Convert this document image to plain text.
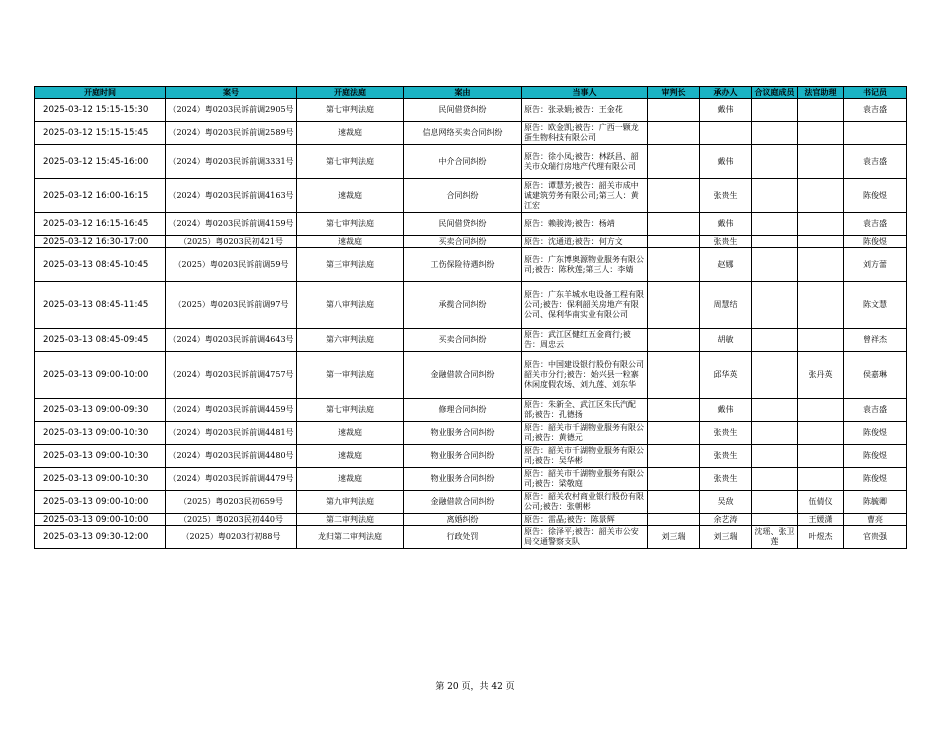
开庭时间	案号	开庭法庭	案由	当事人	审判长	承办人	合议庭成员	法官助理	书记员
2025-03-12 15:15-15:30	（2024）粤0203民诉前调2905号	第七审判法庭	民间借贷纠纷	原告：张录娟;被告：王金花		戴伟			袁吉盛
2025-03-12 15:15-15:45	（2024）粤0203民诉前调2589号	速裁庭	信息网络买卖合同纠纷	原告：欧金凯;被告：广西一颗龙蛋生物科技有限公司					
2025-03-12 15:45-16:00	（2024）粤0203民诉前调3331号	第七审判法庭	中介合同纠纷	原告：徐小凤;被告：林跃昌、韶关市众瑞行房地产代理有限公司		戴伟			袁吉盛
2025-03-12 16:00-16:15	（2024）粤0203民诉前调4163号	速裁庭	合同纠纷	原告：谭慧芳;被告：韶关市成中诚建筑劳务有限公司;第三人：黄江宏		张贵生			陈俊煜
2025-03-12 16:15-16:45	（2024）粤0203民诉前调4159号	第七审判法庭	民间借贷纠纷	原告：赖骏涛;被告：杨靖		戴伟			袁吉盛
2025-03-12 16:30-17:00	（2025）粤0203民初421号	速裁庭	买卖合同纠纷	原告：沈通道;被告：何方文		张贵生			陈俊煜
2025-03-13 08:45-10:45	（2025）粤0203民诉前调59号	第三审判法庭	工伤保险待遇纠纷	原告：广东博奥源物业服务有限公司;被告：陈秋莲;第三人：李婧		赵娜			刘方蕾
2025-03-13 08:45-11:45	（2025）粤0203民诉前调97号	第八审判法庭	承揽合同纠纷	原告：广东羊城水电设备工程有限公司;被告：保利韶关房地产有限公司、保利华南实业有限公司		周慧结			陈文慧
2025-03-13 08:45-09:45	（2024）粤0203民诉前调4643号	第六审判法庭	买卖合同纠纷	原告：武江区健红五金商行;被告：周忠云		胡敏			曾祥杰
2025-03-13 09:00-10:00	（2024）粤0203民诉前调4757号	第一审判法庭	金融借款合同纠纷	原告：中国建设银行股份有限公司韶关市分行;被告：始兴县一粒寨休闲度假农场、刘九莲、刘东华		邱华英		张丹英	侯嘉琳
2025-03-13 09:00-09:30	（2024）粤0203民诉前调4459号	第七审判法庭	修理合同纠纷	原告：朱新全、武江区朱氏汽配部;被告：孔德扬		戴伟			袁吉盛
2025-03-13 09:00-10:30	（2024）粤0203民诉前调4481号	速裁庭	物业服务合同纠纷	原告：韶关市千湖物业服务有限公司;被告：黄德元		张贵生			陈俊煜
2025-03-13 09:00-10:30	（2024）粤0203民诉前调4480号	速裁庭	物业服务合同纠纷	原告：韶关市千湖物业服务有限公司;被告：吴华彬		张贵生			陈俊煜
2025-03-13 09:00-10:30	（2024）粤0203民诉前调4479号	速裁庭	物业服务合同纠纷	原告：韶关市千湖物业服务有限公司;被告：梁敬庭		张贵生			陈俊煜
2025-03-13 09:00-10:00	（2025）粤0203民初659号	第九审判法庭	金融借款合同纠纷	原告：韶关农村商业银行股份有限公司;被告：张朝彬		吴敌		伍倩仪	陈毓卿
2025-03-13 09:00-10:00	（2025）粤0203民初440号	第二审判法庭	离婚纠纷	原告：雷晶;被告：陈景辉		余艺涛		王媛潇	曹亮
2025-03-13 09:30-12:00	（2025）粤0203行初88号	龙归第二审判法庭	行政处罚	原告：徐泽平;被告：韶关市公安局交通警察支队	刘三瑞	刘三瑞	沈瑶、张卫莲	叶煜杰	官贵强
第 20 页，共 42 页
